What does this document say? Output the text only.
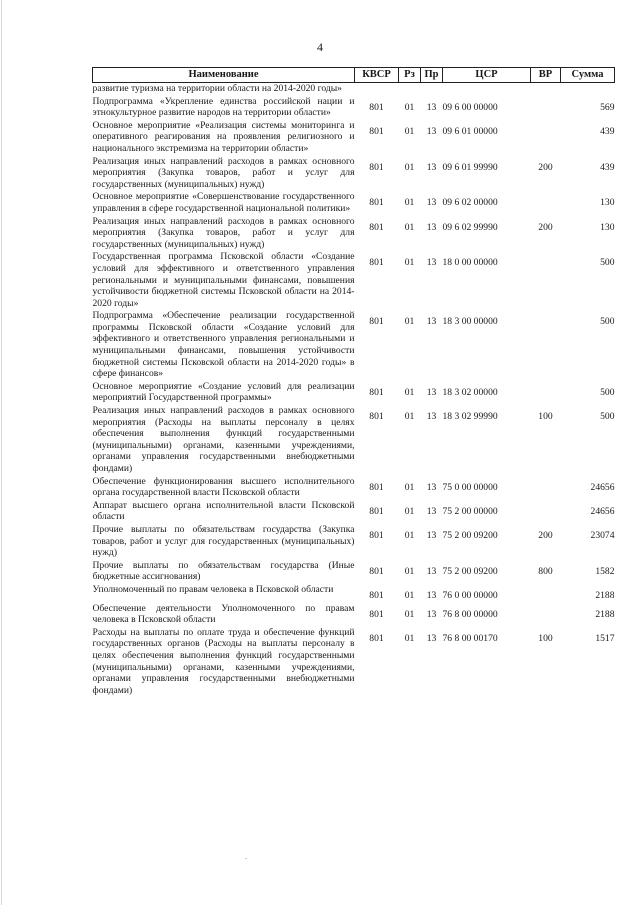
4
Наименование	КВСР	Рз	Пр	ЦСР	ВР	Сумма
развитие туризма на территории области на 2014-2020 годы»						
Подпрограмма «Укрепление единства российской нации и этнокультурное развитие народов на территории области»	801	01	13	09 6 00 00000		569
Основное мероприятие «Реализация системы мониторинга и оперативного реагирования на проявления религиозного и национального экстремизма на территории области»	801	01	13	09 6 01 00000		439
Реализация иных направлений расходов в рамках основного мероприятия (Закупка товаров, работ и услуг для государственных (муниципальных) нужд)	801	01	13	09 6 01 99990	200	439
Основное мероприятие «Совершенствование государственного управления в сфере государственной национальной политики»	801	01	13	09 6 02 00000		130
Реализация иных направлений расходов в рамках основного мероприятия (Закупка товаров, работ и услуг для государственных (муниципальных) нужд)	801	01	13	09 6 02 99990	200	130
Государственная программа Псковской области «Создание условий для эффективного и ответственного управления региональными и муниципальными финансами, повышения устойчивости бюджетной системы Псковской области на 2014-2020 годы»	801	01	13	18 0 00 00000		500
Подпрограмма «Обеспечение реализации государственной программы Псковской области «Создание условий для эффективного и ответственного управления региональными и муниципальными финансами, повышения устойчивости бюджетной системы Псковской области на 2014-2020 годы» в сфере финансов»	801	01	13	18 3 00 00000		500
Основное мероприятие «Создание условий для реализации мероприятий Государственной программы»	801	01	13	18 3 02 00000		500
Реализация иных направлений расходов в рамках основного мероприятия (Расходы на выплаты персоналу в целях обеспечения выполнения функций государственными (муниципальными) органами, казенными учреждениями, органами управления государственными внебюджетными фондами)	801	01	13	18 3 02 99990	100	500
Обеспечение функционирования высшего исполнительного органа государственной власти Псковской области	801	01	13	75 0 00 00000		24656
Аппарат высшего органа исполнительной власти Псковской области	801	01	13	75 2 00 00000		24656
Прочие выплаты по обязательствам государства (Закупка товаров, работ и услуг для государственных (муниципальных) нужд)	801	01	13	75 2 00 09200	200	23074
Прочие выплаты по обязательствам государства (Иные бюджетные ассигнования)	801	01	13	75 2 00 09200	800	1582
Уполномоченный по правам человека в Псковской области	801	01	13	76 0 00 00000		2188
Обеспечение деятельности Уполномоченного по правам человека в Псковской области	801	01	13	76 8 00 00000		2188
Расходы на выплаты по оплате труда и обеспечение функций государственных органов (Расходы на выплаты персоналу в целях обеспечения выполнения функций государственными (муниципальными) органами, казенными учреждениями, органами управления государственными внебюджетными фондами)	801	01	13	76 8 00 00170	100	1517
.
